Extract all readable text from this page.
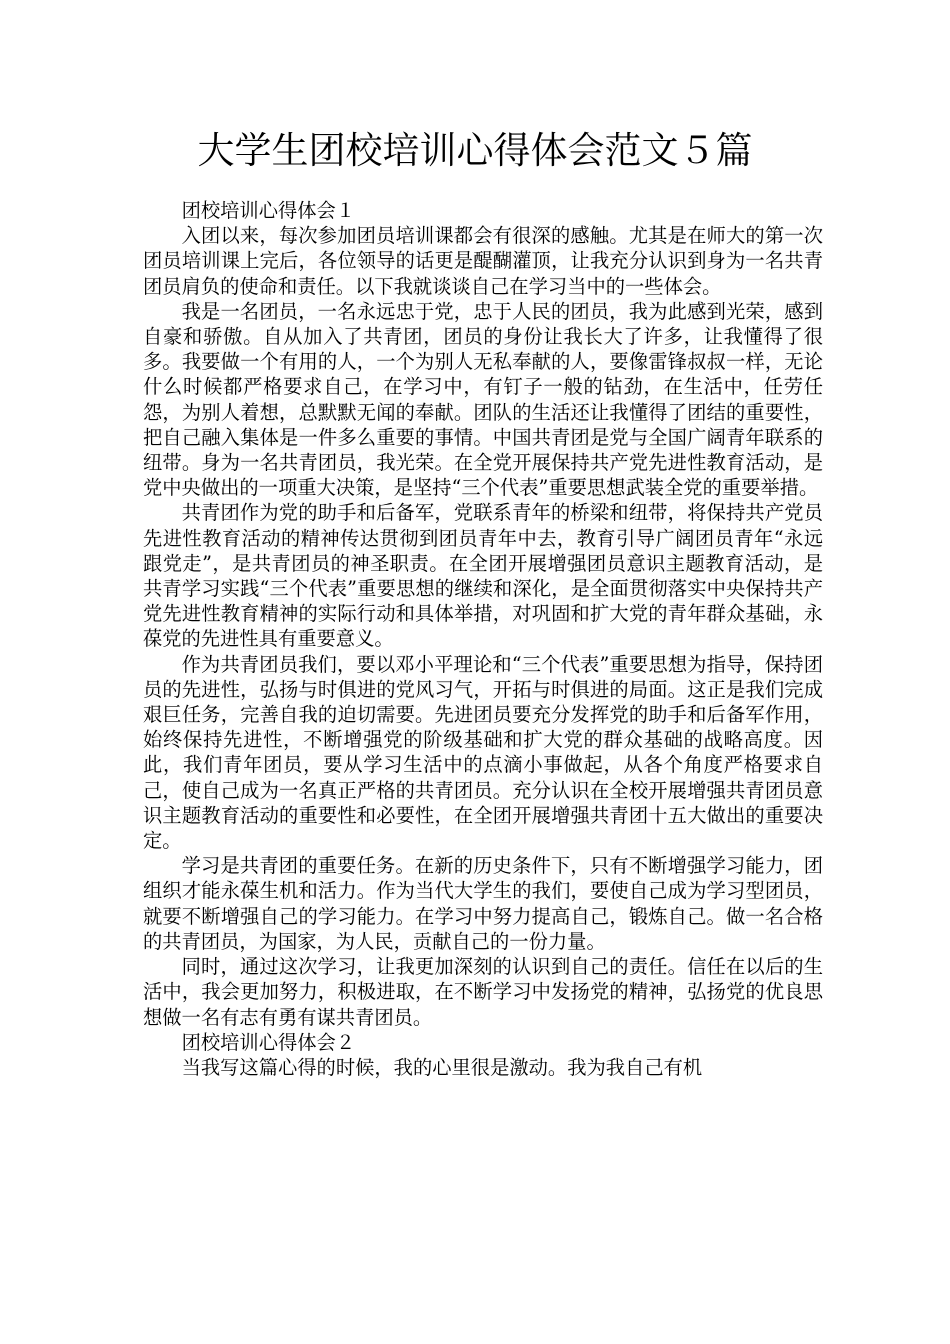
大学生团校培训心得体会范文５篇

团校培训心得体会１

入团以来，每次参加团员培训课都会有很深的感触。尤其是在师大的第一次团员培训课上完后，各位领导的话更是醍醐灌顶，让我充分认识到身为一名共青团员肩负的使命和责任。以下我就谈谈自己在学习当中的一些体会。

我是一名团员，一名永远忠于党，忠于人民的团员，我为此感到光荣，感到自豪和骄傲。自从加入了共青团，团员的身份让我长大了许多，让我懂得了很多。我要做一个有用的人，一个为别人无私奉献的人，要像雷锋叔叔一样，无论什么时候都严格要求自己，在学习中，有钉子一般的钻劲，在生活中，任劳任怨，为别人着想，总默默无闻的奉献。团队的生活还让我懂得了团结的重要性，把自己融入集体是一件多么重要的事情。中国共青团是党与全国广阔青年联系的纽带。身为一名共青团员，我光荣。在全党开展保持共产党先进性教育活动，是党中央做出的一项重大决策，是坚持“三个代表”重要思想武装全党的重要举措。

共青团作为党的助手和后备军，党联系青年的桥梁和纽带，将保持共产党员先进性教育活动的精神传达贯彻到团员青年中去，教育引导广阔团员青年“永远跟党走”，是共青团员的神圣职责。在全团开展增强团员意识主题教育活动，是共青学习实践“三个代表”重要思想的继续和深化，是全面贯彻落实中央保持共产党先进性教育精神的实际行动和具体举措，对巩固和扩大党的青年群众基础，永葆党的先进性具有重要意义。

作为共青团员我们，要以邓小平理论和“三个代表”重要思想为指导，保持团员的先进性，弘扬与时俱进的党风习气，开拓与时俱进的局面。这正是我们完成艰巨任务，完善自我的迫切需要。先进团员要充分发挥党的助手和后备军作用，始终保持先进性，不断增强党的阶级基础和扩大党的群众基础的战略高度。因此，我们青年团员，要从学习生活中的点滴小事做起，从各个角度严格要求自己，使自己成为一名真正严格的共青团员。充分认识在全校开展增强共青团员意识主题教育活动的重要性和必要性，在全团开展增强共青团十五大做出的重要决定。

学习是共青团的重要任务。在新的历史条件下，只有不断增强学习能力，团组织才能永葆生机和活力。作为当代大学生的我们，要使自己成为学习型团员，就要不断增强自己的学习能力。在学习中努力提高自己，锻炼自己。做一名合格的共青团员，为国家，为人民，贡献自己的一份力量。

同时，通过这次学习，让我更加深刻的认识到自己的责任。信任在以后的生活中，我会更加努力，积极进取，在不断学习中发扬党的精神，弘扬党的优良思想做一名有志有勇有谋共青团员。

团校培训心得体会２

当我写这篇心得的时候，我的心里很是激动。我为我自己有机
